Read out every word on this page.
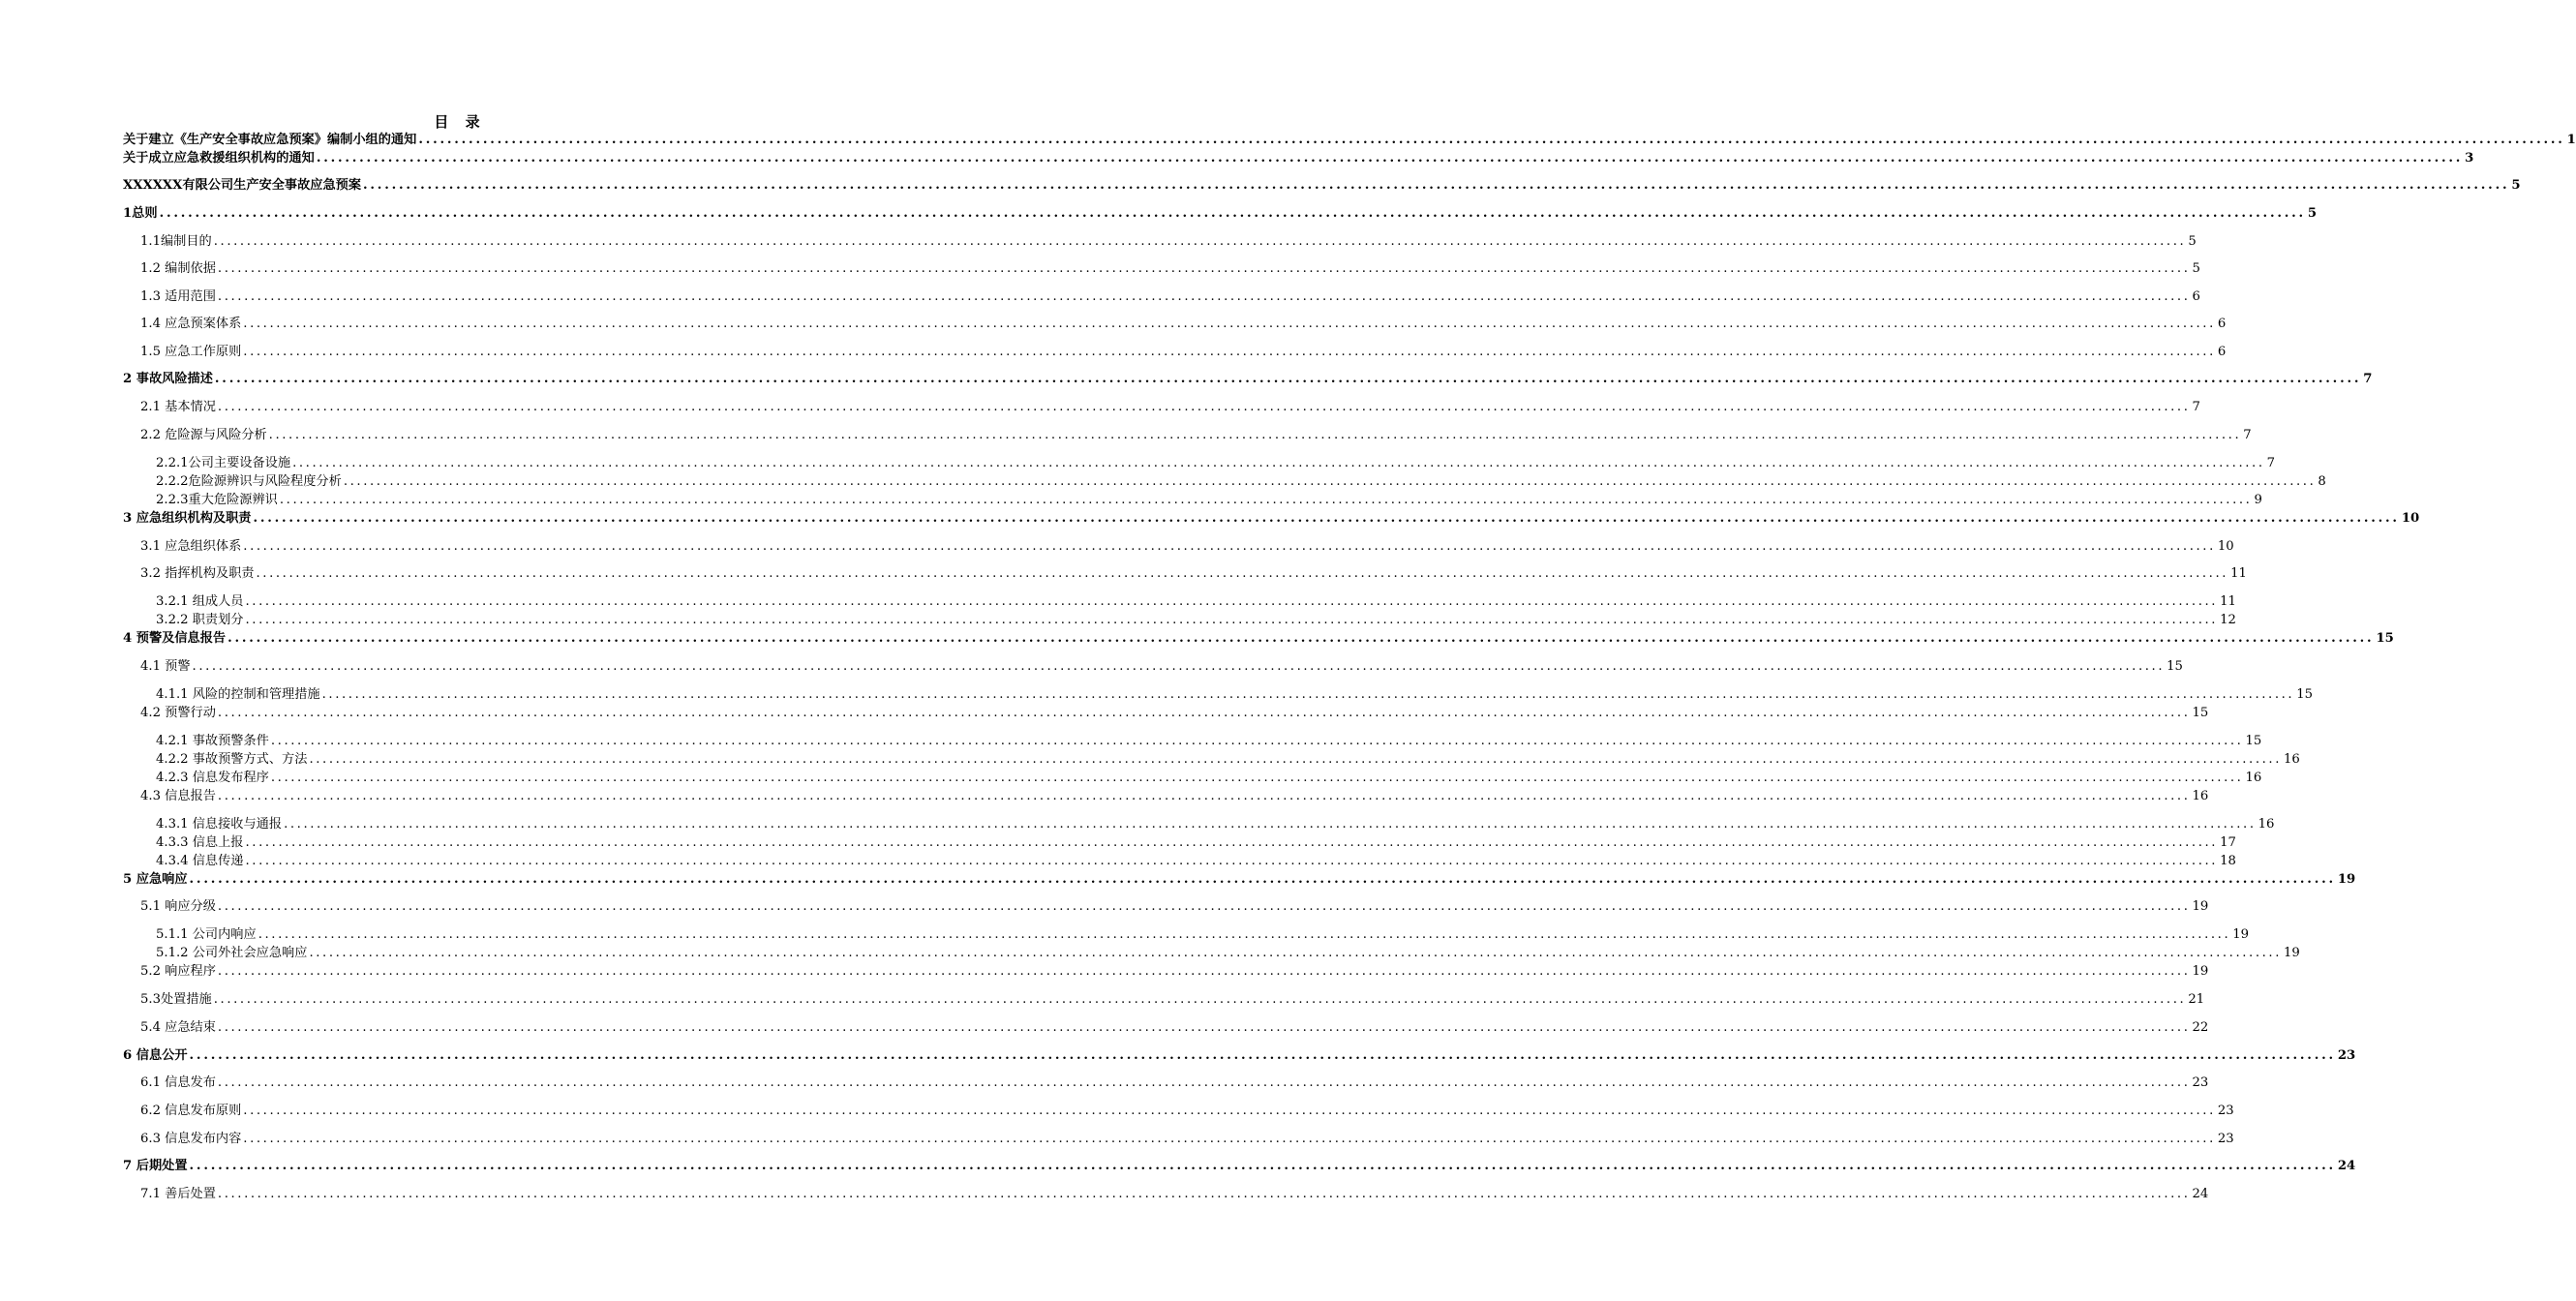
目 录
关于建立《生产安全事故应急预案》编制小组的通知 ............................................................................................................................................................................................................................................................................................................ 1
关于成立应急救援组织机构的通知 ............................................................................................................................................................................................................................................................................................................ 3
XXXXXX有限公司生产安全事故应急预案 ............................................................................................................................................................................................................................................................................................................ 5
1总则 ............................................................................................................................................................................................................................................................................................................ 5
1.1编制目的 ............................................................................................................................................................................................................................................................................................................ 5
1.2 编制依据 ............................................................................................................................................................................................................................................................................................................ 5
1.3 适用范围 ............................................................................................................................................................................................................................................................................................................ 6
1.4 应急预案体系 ............................................................................................................................................................................................................................................................................................................ 6
1.5 应急工作原则 ............................................................................................................................................................................................................................................................................................................ 6
2 事故风险描述 ............................................................................................................................................................................................................................................................................................................ 7
2.1 基本情况 ............................................................................................................................................................................................................................................................................................................ 7
2.2 危险源与风险分析 ............................................................................................................................................................................................................................................................................................................ 7
2.2.1公司主要设备设施 ............................................................................................................................................................................................................................................................................................................ 7
2.2.2危险源辨识与风险程度分析 ............................................................................................................................................................................................................................................................................................................ 8
2.2.3重大危险源辨识 ............................................................................................................................................................................................................................................................................................................ 9
3 应急组织机构及职责 ............................................................................................................................................................................................................................................................................................................ 10
3.1 应急组织体系 ............................................................................................................................................................................................................................................................................................................ 10
3.2 指挥机构及职责 ............................................................................................................................................................................................................................................................................................................ 11
3.2.1 组成人员 ............................................................................................................................................................................................................................................................................................................ 11
3.2.2 职责划分 ............................................................................................................................................................................................................................................................................................................ 12
4 预警及信息报告 ............................................................................................................................................................................................................................................................................................................ 15
4.1 预警 ............................................................................................................................................................................................................................................................................................................ 15
4.1.1 风险的控制和管理措施 ............................................................................................................................................................................................................................................................................................................ 15
4.2 预警行动 ............................................................................................................................................................................................................................................................................................................ 15
4.2.1 事故预警条件 ............................................................................................................................................................................................................................................................................................................ 15
4.2.2 事故预警方式、方法 ............................................................................................................................................................................................................................................................................................................ 16
4.2.3 信息发布程序 ............................................................................................................................................................................................................................................................................................................ 16
4.3 信息报告 ............................................................................................................................................................................................................................................................................................................ 16
4.3.1 信息接收与通报 ............................................................................................................................................................................................................................................................................................................ 16
4.3.3 信息上报 ............................................................................................................................................................................................................................................................................................................ 17
4.3.4 信息传递 ............................................................................................................................................................................................................................................................................................................ 18
5 应急响应 ............................................................................................................................................................................................................................................................................................................ 19
5.1 响应分级 ............................................................................................................................................................................................................................................................................................................ 19
5.1.1 公司内响应 ............................................................................................................................................................................................................................................................................................................ 19
5.1.2 公司外社会应急响应 ............................................................................................................................................................................................................................................................................................................ 19
5.2 响应程序 ............................................................................................................................................................................................................................................................................................................ 19
5.3处置措施 ............................................................................................................................................................................................................................................................................................................ 21
5.4 应急结束 ............................................................................................................................................................................................................................................................................................................ 22
6 信息公开 ............................................................................................................................................................................................................................................................................................................ 23
6.1 信息发布 ............................................................................................................................................................................................................................................................................................................ 23
6.2 信息发布原则 ............................................................................................................................................................................................................................................................................................................ 23
6.3 信息发布内容 ............................................................................................................................................................................................................................................................................................................ 23
7 后期处置 ............................................................................................................................................................................................................................................................................................................ 24
7.1 善后处置 ............................................................................................................................................................................................................................................................................................................ 24
